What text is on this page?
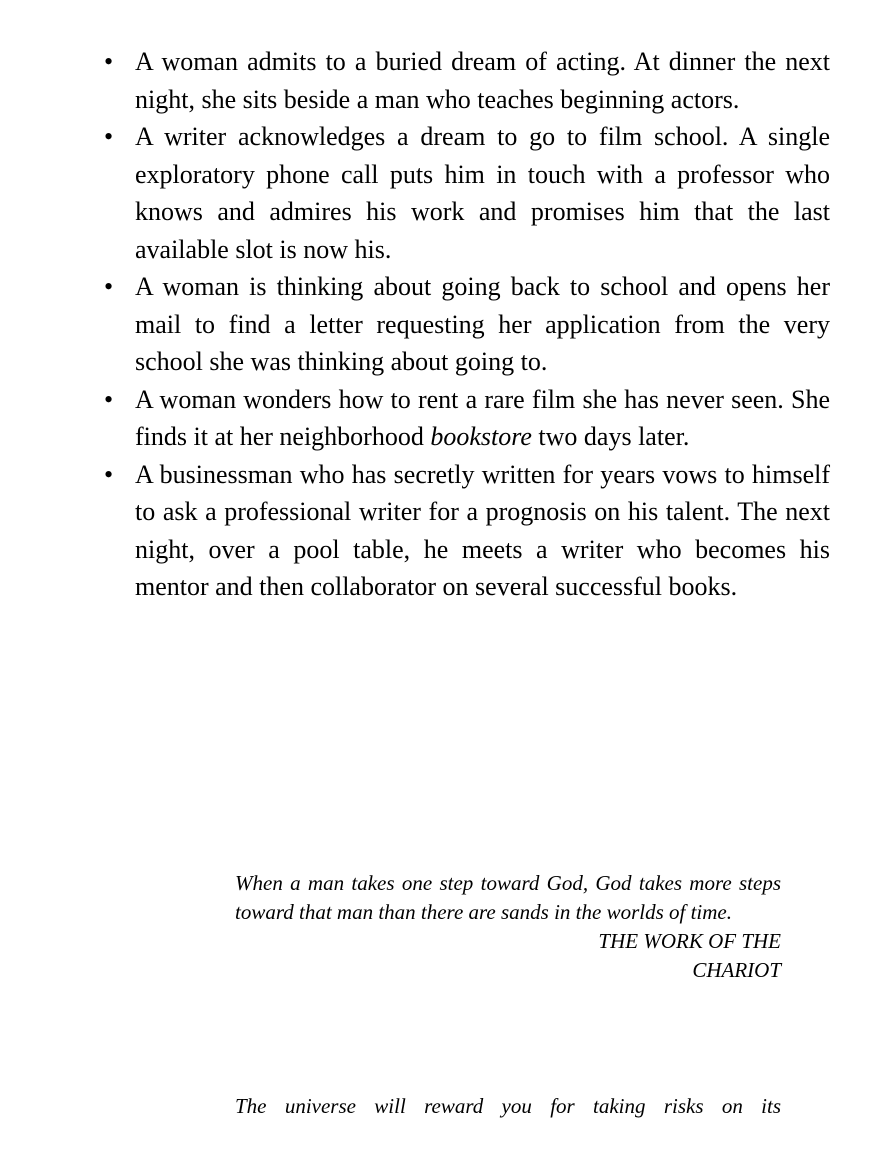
• A woman admits to a buried dream of acting. At dinner the next night, she sits beside a man who teaches beginning actors.
• A writer acknowledges a dream to go to film school. A single exploratory phone call puts him in touch with a professor who knows and admires his work and promises him that the last available slot is now his.
• A woman is thinking about going back to school and opens her mail to find a letter requesting her application from the very school she was thinking about going to.
• A woman wonders how to rent a rare film she has never seen. She finds it at her neighborhood bookstore two days later.
• A businessman who has secretly written for years vows to himself to ask a professional writer for a prognosis on his talent. The next night, over a pool table, he meets a writer who becomes his mentor and then collaborator on several successful books.

When a man takes one step toward God, God takes more steps toward that man than there are sands in the worlds of time.

THE WORK OF THE

CHARIOT

The universe will reward you for taking risks on its
